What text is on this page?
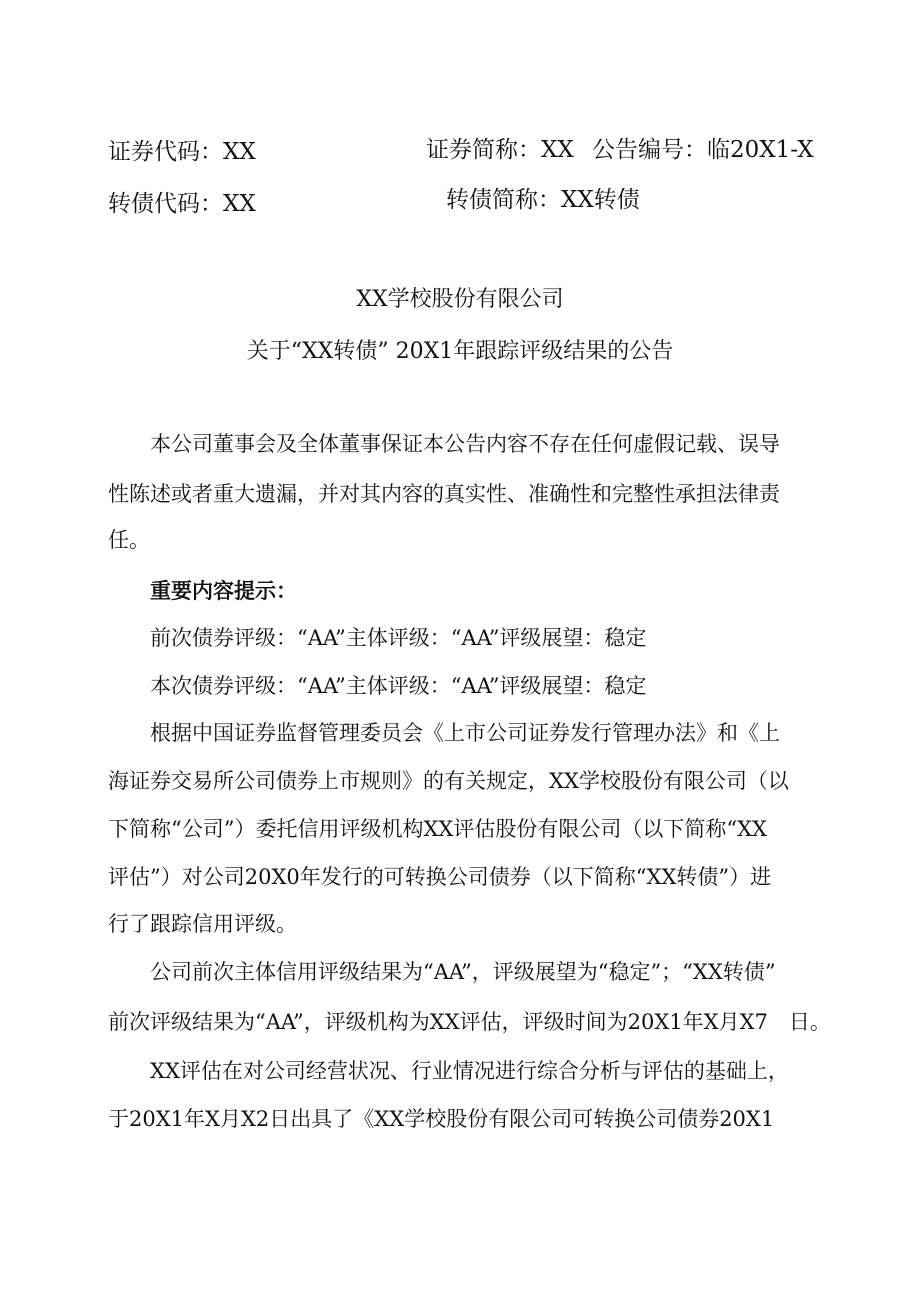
证券代码：XX	证券简称：XX 公告编号：临20X1-X
转债代码：XX	转债简称：XX转债
XX学校股份有限公司
关于“XX转债” 20X1年跟踪评级结果的公告
本公司董事会及全体董事保证本公告内容不存在任何虚假记载、误导
性陈述或者重大遗漏，并对其内容的真实性、准确性和完整性承担法律责
任。
重要内容提示：
前次债券评级：“AA”主体评级：“AA”评级展望：稳定
本次债券评级：“AA”主体评级：“AA”评级展望：稳定
根据中国证券监督管理委员会《上市公司证券发行管理办法》和《上
海证券交易所公司债券上市规则》的有关规定，XX学校股份有限公司（以
下简称“公司”）委托信用评级机构XX评估股份有限公司（以下简称“XX
评估”）对公司20X0年发行的可转换公司债券（以下简称“XX转债”）进
行了跟踪信用评级。
公司前次主体信用评级结果为“AA”，评级展望为“稳定”；“XX转债”
前次评级结果为“AA”，评级机构为XX评估，评级时间为20X1年X月X7　日。
XX评估在对公司经营状况、行业情况进行综合分析与评估的基础上，
于20X1年X月X2日出具了《XX学校股份有限公司可转换公司债券20X1
